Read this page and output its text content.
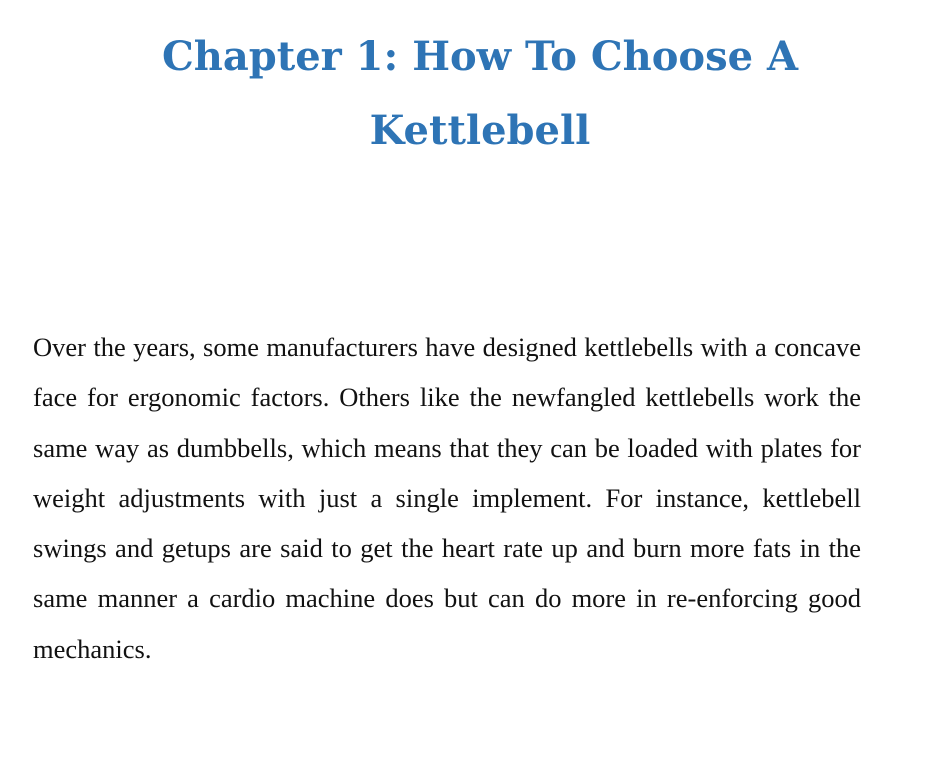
Chapter 1: How To Choose A Kettlebell

Over the years, some manufacturers have designed kettlebells with a concave face for ergonomic factors. Others like the newfangled kettlebells work the same way as dumbbells, which means that they can be loaded with plates for weight adjustments with just a single implement. For instance, kettlebell swings and getups are said to get the heart rate up and burn more fats in the same manner a cardio machine does but can do more in re-enforcing good mechanics.
